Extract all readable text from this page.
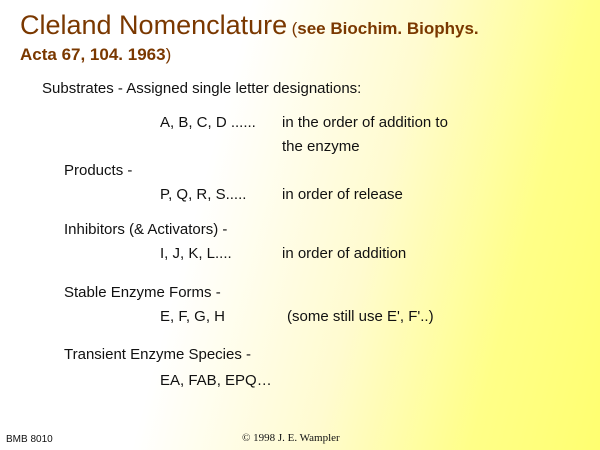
Cleland Nomenclature (see Biochim. Biophys.
Acta 67, 104. 1963)
Substrates - Assigned single letter designations:
A, B, C, D ...... in the order of addition to
the enzyme
Products -
P, Q, R, S..... in order of release
Inhibitors (& Activators) -
I, J, K, L....	in order of addition
Stable Enzyme Forms -
E, F, G, H	(some still use E', F'..)
Transient Enzyme Species -
EA, FAB, EPQ…
BMB 8010	© 1998 J. E. Wampler
